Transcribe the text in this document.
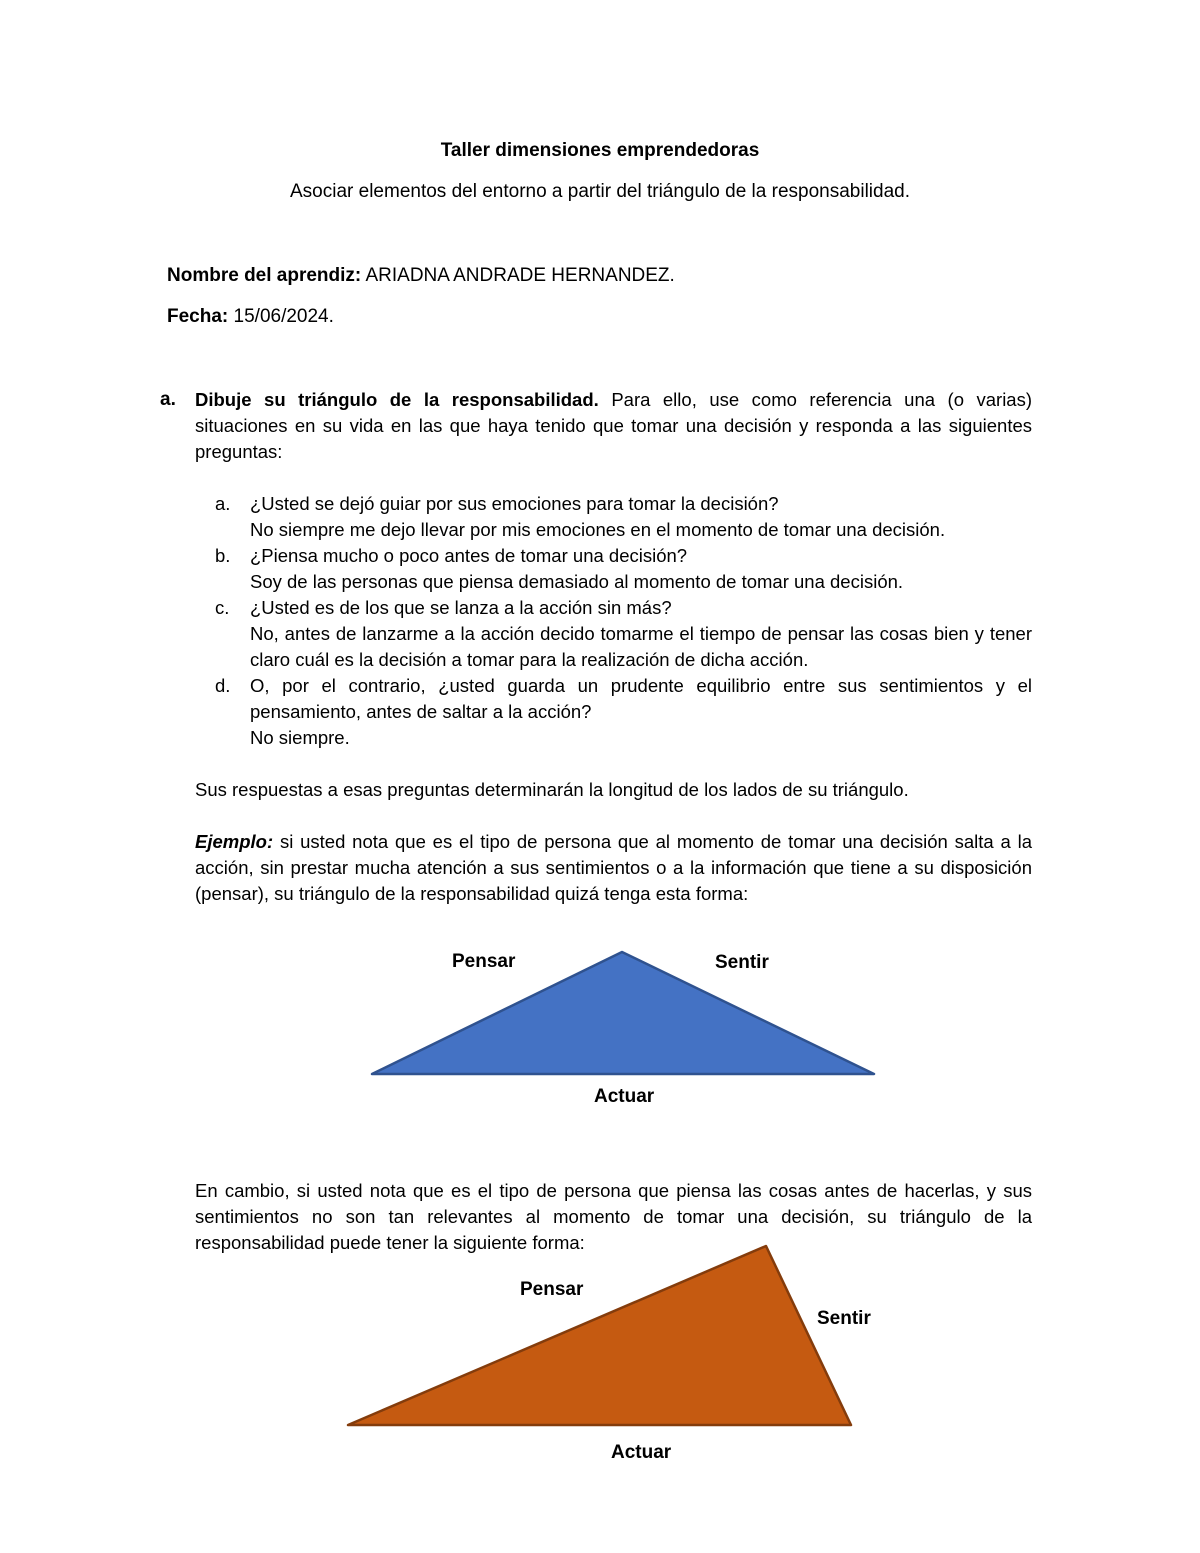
Taller dimensiones emprendedoras
Asociar elementos del entorno a partir del triángulo de la responsabilidad.
Nombre del aprendiz: ARIADNA ANDRADE HERNANDEZ.
Fecha: 15/06/2024.
a. Dibuje su triángulo de la responsabilidad. Para ello, use como referencia una (o varias) situaciones en su vida en las que haya tenido que tomar una decisión y responda a las siguientes preguntas:
a.	¿Usted se dejó guiar por sus emociones para tomar la decisión?
No siempre me dejo llevar por mis emociones en el momento de tomar una decisión.
b.	¿Piensa mucho o poco antes de tomar una decisión?
Soy de las personas que piensa demasiado al momento de tomar una decisión.
c.	¿Usted es de los que se lanza a la acción sin más?
No, antes de lanzarme a la acción decido tomarme el tiempo de pensar las cosas bien y tener claro cuál es la decisión a tomar para la realización de dicha acción.
d.	O, por el contrario, ¿usted guarda un prudente equilibrio entre sus sentimientos y el pensamiento, antes de saltar a la acción?
No siempre.
Sus respuestas a esas preguntas determinarán la longitud de los lados de su triángulo.
Ejemplo: si usted nota que es el tipo de persona que al momento de tomar una decisión salta a la acción, sin prestar mucha atención a sus sentimientos o a la información que tiene a su disposición (pensar), su triángulo de la responsabilidad quizá tenga esta forma:
En cambio, si usted nota que es el tipo de persona que piensa las cosas antes de hacerlas, y sus sentimientos no son tan relevantes al momento de tomar una decisión, su triángulo de la responsabilidad puede tener la siguiente forma:
Pensar	Sentir
Actuar
Pensar
Sentir
Actuar
